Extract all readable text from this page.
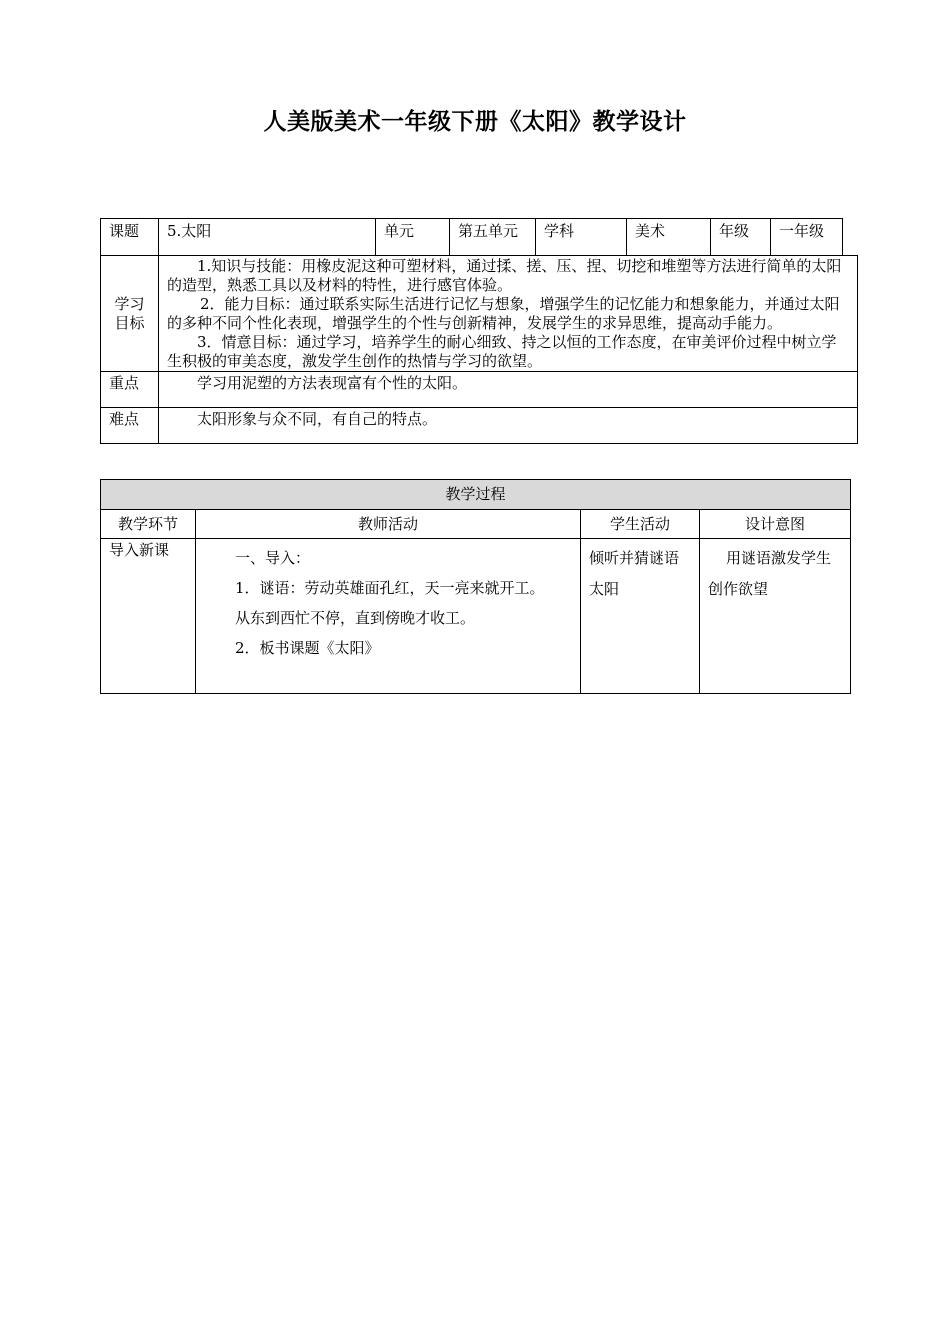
人美版美术一年级下册《太阳》教学设计
课题	5.太阳	单元	第五单元	学科	美术	年级	一年级	
学习目标	1.知识与技能：用橡皮泥这种可塑材料，通过揉、搓、压、捏、切挖和堆塑等方法进行简单的太阳的造型，熟悉工具以及材料的特性，进行感官体验。

2．能力目标：通过联系实际生活进行记忆与想象，增强学生的记忆能力和想象能力，并通过太阳的多种不同个性化表现，增强学生的个性与创新精神，发展学生的求异思维，提高动手能力。

3．情意目标：通过学习，培养学生的耐心细致、持之以恒的工作态度，在审美评价过程中树立学生积极的审美态度，激发学生创作的热情与学习的欲望。							

重点	学习用泥塑的方法表现富有个性的太阳。							

难点	太阳形象与众不同，有自己的特点。							

教学过程			
教学环节	教师活动	学生活动	设计意图
导入新课	一、导入：

1．谜语：劳动英雄面孔红，天一亮来就开工。

从东到西忙不停，直到傍晚才收工。

2．板书课题《太阳》	倾听并猜谜语太阳	用谜语激发学生创作欲望
